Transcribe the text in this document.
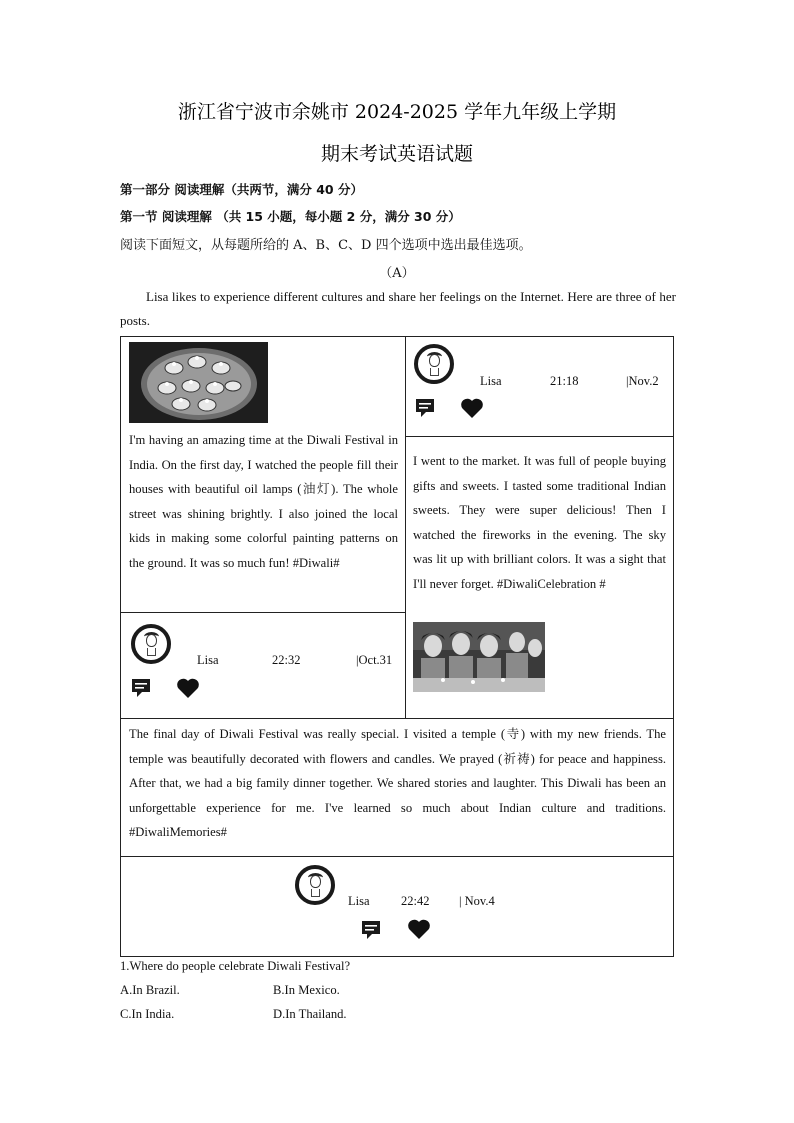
浙江省宁波市余姚市 2024-2025 学年九年级上学期
期末考试英语试题
第一部分 阅读理解（共两节，满分 40 分）
第一节 阅读理解 （共 15 小题，每小题 2 分，满分 30 分）
阅读下面短文，从每题所给的 A、B、C、D 四个选项中选出最佳选项。
（A）
Lisa likes to experience different cultures and share her feelings on the Internet. Here are three of her posts.
I'm having an amazing time at the Diwali Festival in India. On the first day, I watched the people fill their houses with beautiful oil lamps (油灯). The whole street was shining brightly. I also joined the local kids in making some colorful painting patterns on the ground. It was so much fun! #Diwali#
Lisa	22:32	|Oct.31
Lisa	21:18	|Nov.2
I went to the market. It was full of people buying gifts and sweets. I tasted some traditional Indian sweets. They were super delicious! Then I watched the fireworks in the evening. The sky was lit up with brilliant colors. It was a sight that I'll never forget. #DiwaliCelebration #
The final day of Diwali Festival was really special. I visited a temple (寺) with my new friends. The temple was beautifully decorated with flowers and candles. We prayed (祈祷) for peace and happiness. After that, we had a big family dinner together. We shared stories and laughter. This Diwali has been an unforgettable experience for me. I've learned so much about Indian culture and traditions. #DiwaliMemories#
Lisa	22:42 | Nov.4
1.Where do people celebrate Diwali Festival?
A.In Brazil.	B.In Mexico.
C.In India.	D.In Thailand.
